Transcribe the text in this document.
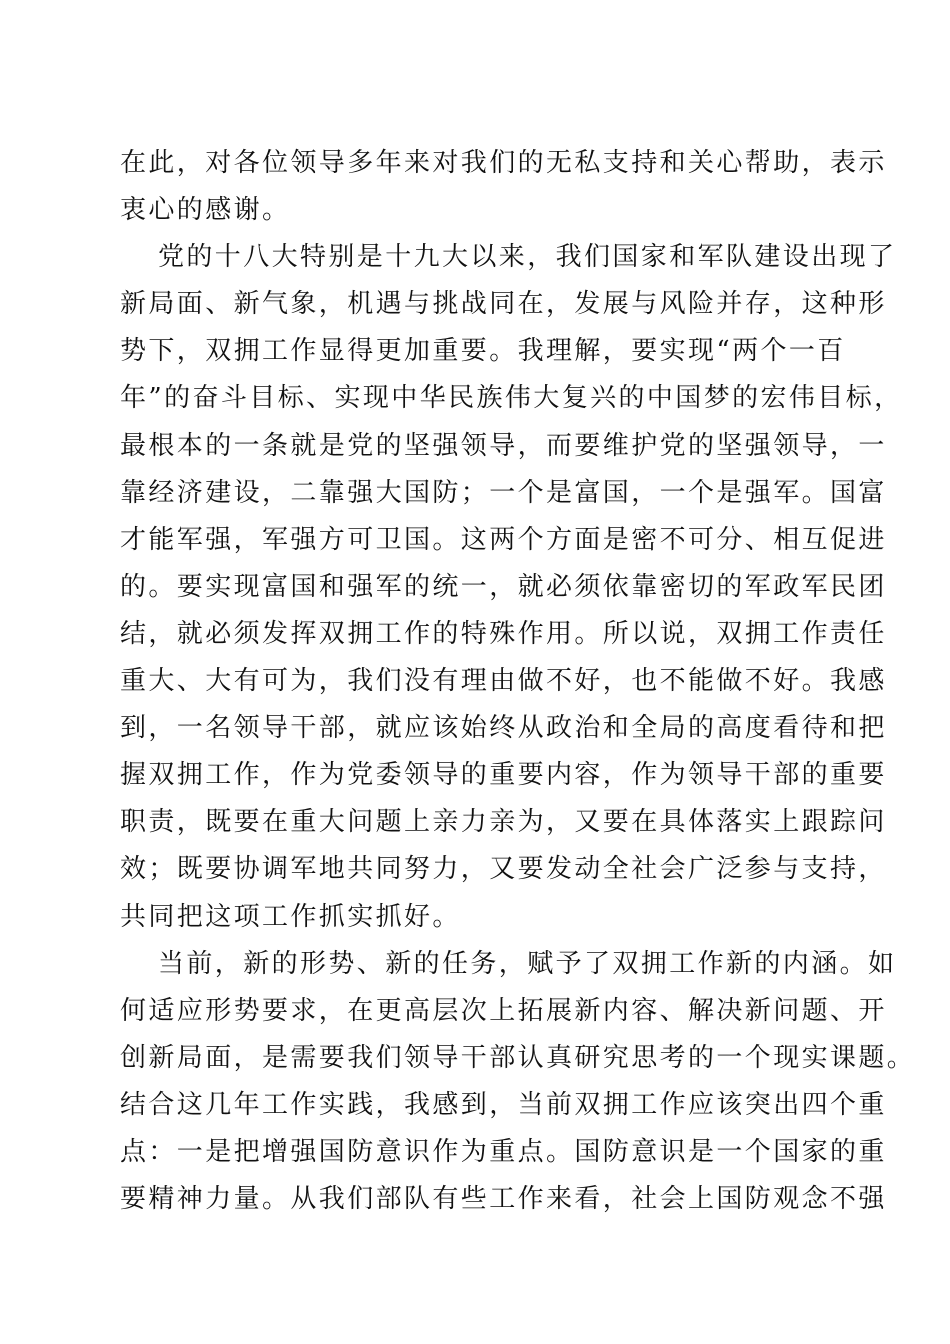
在此，对各位领导多年来对我们的无私支持和关心帮助，表示
衷心的感谢。
党的十八大特别是十九大以来，我们国家和军队建设出现了
新局面、新气象，机遇与挑战同在，发展与风险并存，这种形
势下，双拥工作显得更加重要。我理解，要实现“两个一百
年”的奋斗目标、实现中华民族伟大复兴的中国梦的宏伟目标，
最根本的一条就是党的坚强领导，而要维护党的坚强领导，一
靠经济建设，二靠强大国防；一个是富国，一个是强军。国富
才能军强，军强方可卫国。这两个方面是密不可分、相互促进
的。要实现富国和强军的统一，就必须依靠密切的军政军民团
结，就必须发挥双拥工作的特殊作用。所以说，双拥工作责任
重大、大有可为，我们没有理由做不好，也不能做不好。我感
到，一名领导干部，就应该始终从政治和全局的高度看待和把
握双拥工作，作为党委领导的重要内容，作为领导干部的重要
职责，既要在重大问题上亲力亲为，又要在具体落实上跟踪问
效；既要协调军地共同努力，又要发动全社会广泛参与支持，
共同把这项工作抓实抓好。
当前，新的形势、新的任务，赋予了双拥工作新的内涵。如
何适应形势要求，在更高层次上拓展新内容、解决新问题、开
创新局面，是需要我们领导干部认真研究思考的一个现实课题。
结合这几年工作实践，我感到，当前双拥工作应该突出四个重
点：一是把增强国防意识作为重点。国防意识是一个国家的重
要精神力量。从我们部队有些工作来看，社会上国防观念不强
